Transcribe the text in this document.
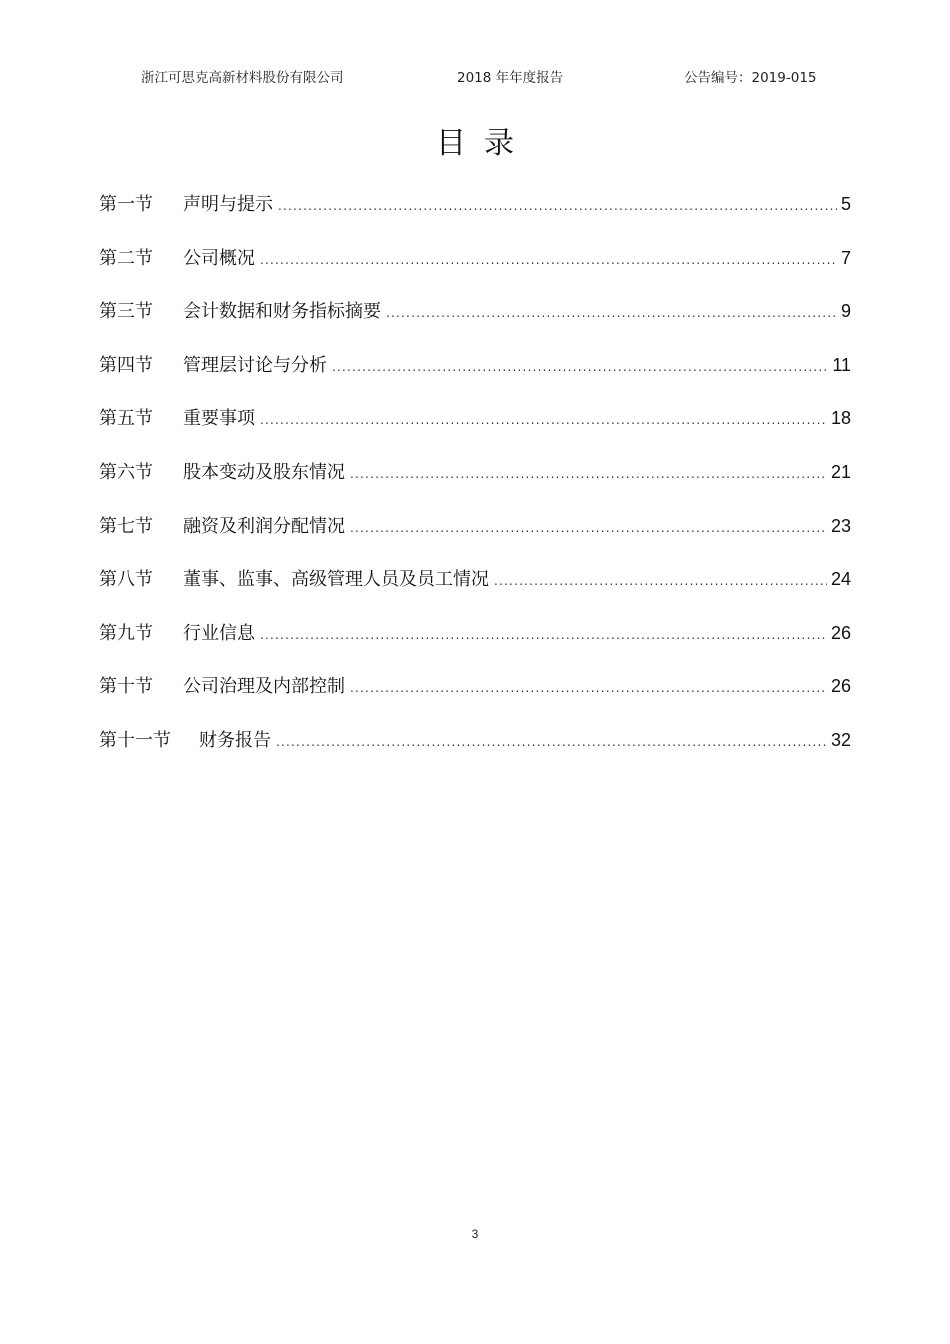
浙江可思克高新材料股份有限公司	2018 年年度报告	公告编号：2019-015
目录
第一节	声明与提示 .....	5
第二节	公司概况 .....	7
第三节	会计数据和财务指标摘要 .....	9
第四节	管理层讨论与分析 .....	11
第五节	重要事项 .....	18
第六节	股本变动及股东情况 .....	21
第七节	融资及利润分配情况 .....	23
第八节	董事、监事、高级管理人员及员工情况 .....	24
第九节	行业信息 .....	26
第十节	公司治理及内部控制 .....	26
第十一节	财务报告 .....	32
3
